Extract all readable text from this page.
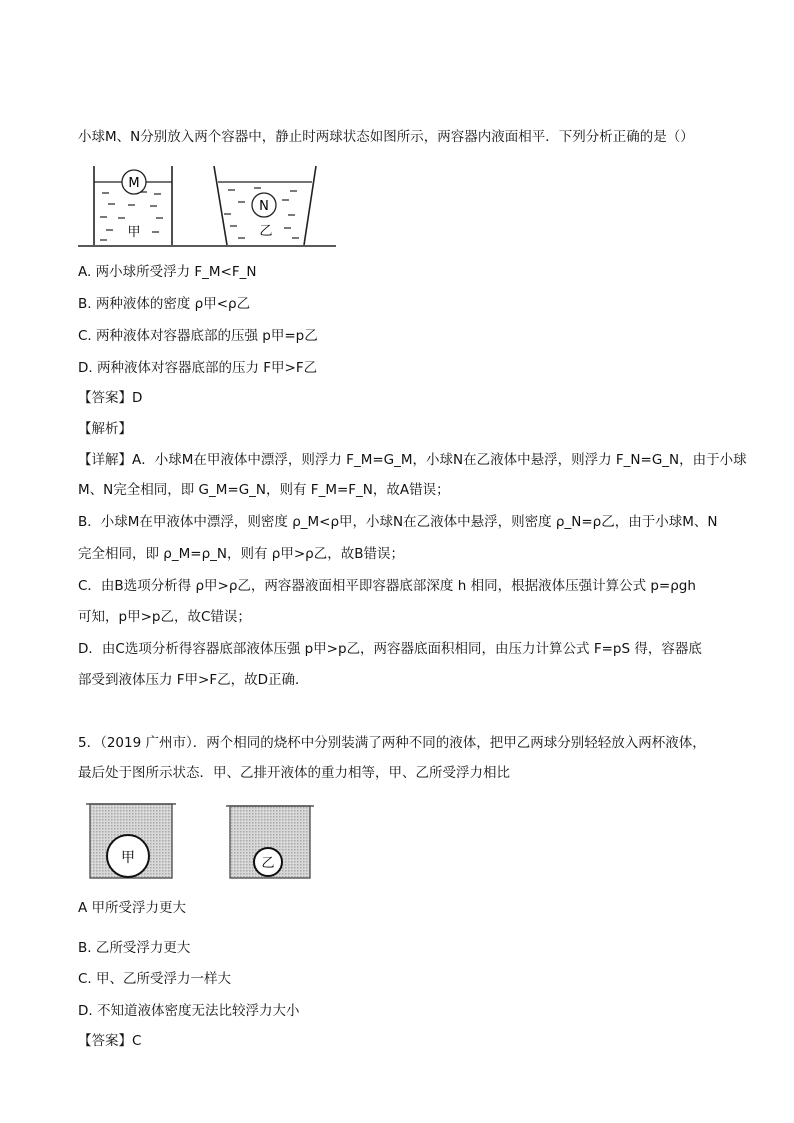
小球M、N分别放入两个容器中，静止时两球状态如图所示，两容器内液面相平．下列分析正确的是（）
M
甲
N
乙
A. 两小球所受浮力 F_M<F_N
B. 两种液体的密度 ρ甲<ρ乙
C. 两种液体对容器底部的压强 p甲=p乙
D. 两种液体对容器底部的压力 F甲>F乙
【答案】D
【解析】
【详解】A．小球M在甲液体中漂浮，则浮力 F_M=G_M，小球N在乙液体中悬浮，则浮力 F_N=G_N，由于小球
M、N完全相同，即 G_M=G_N，则有 F_M=F_N，故A错误；
B．小球M在甲液体中漂浮，则密度 ρ_M<ρ甲，小球N在乙液体中悬浮，则密度 ρ_N=ρ乙，由于小球M、N
完全相同，即 ρ_M=ρ_N，则有 ρ甲>ρ乙，故B错误；
C．由B选项分析得 ρ甲>ρ乙，两容器液面相平即容器底部深度 h 相同，根据液体压强计算公式 p=ρgh
可知，p甲>p乙，故C错误；
D．由C选项分析得容器底部液体压强 p甲>p乙，两容器底面积相同，由压力计算公式 F=pS 得，容器底
部受到液体压力 F甲>F乙，故D正确．
5．（2019 广州市）．两个相同的烧杯中分别装满了两种不同的液体，把甲乙两球分别轻轻放入两杯液体，
最后处于图所示状态．甲、乙排开液体的重力相等，甲、乙所受浮力相比
甲	乙
A 甲所受浮力更大
B. 乙所受浮力更大
C. 甲、乙所受浮力一样大
D. 不知道液体密度无法比较浮力大小
【答案】C
